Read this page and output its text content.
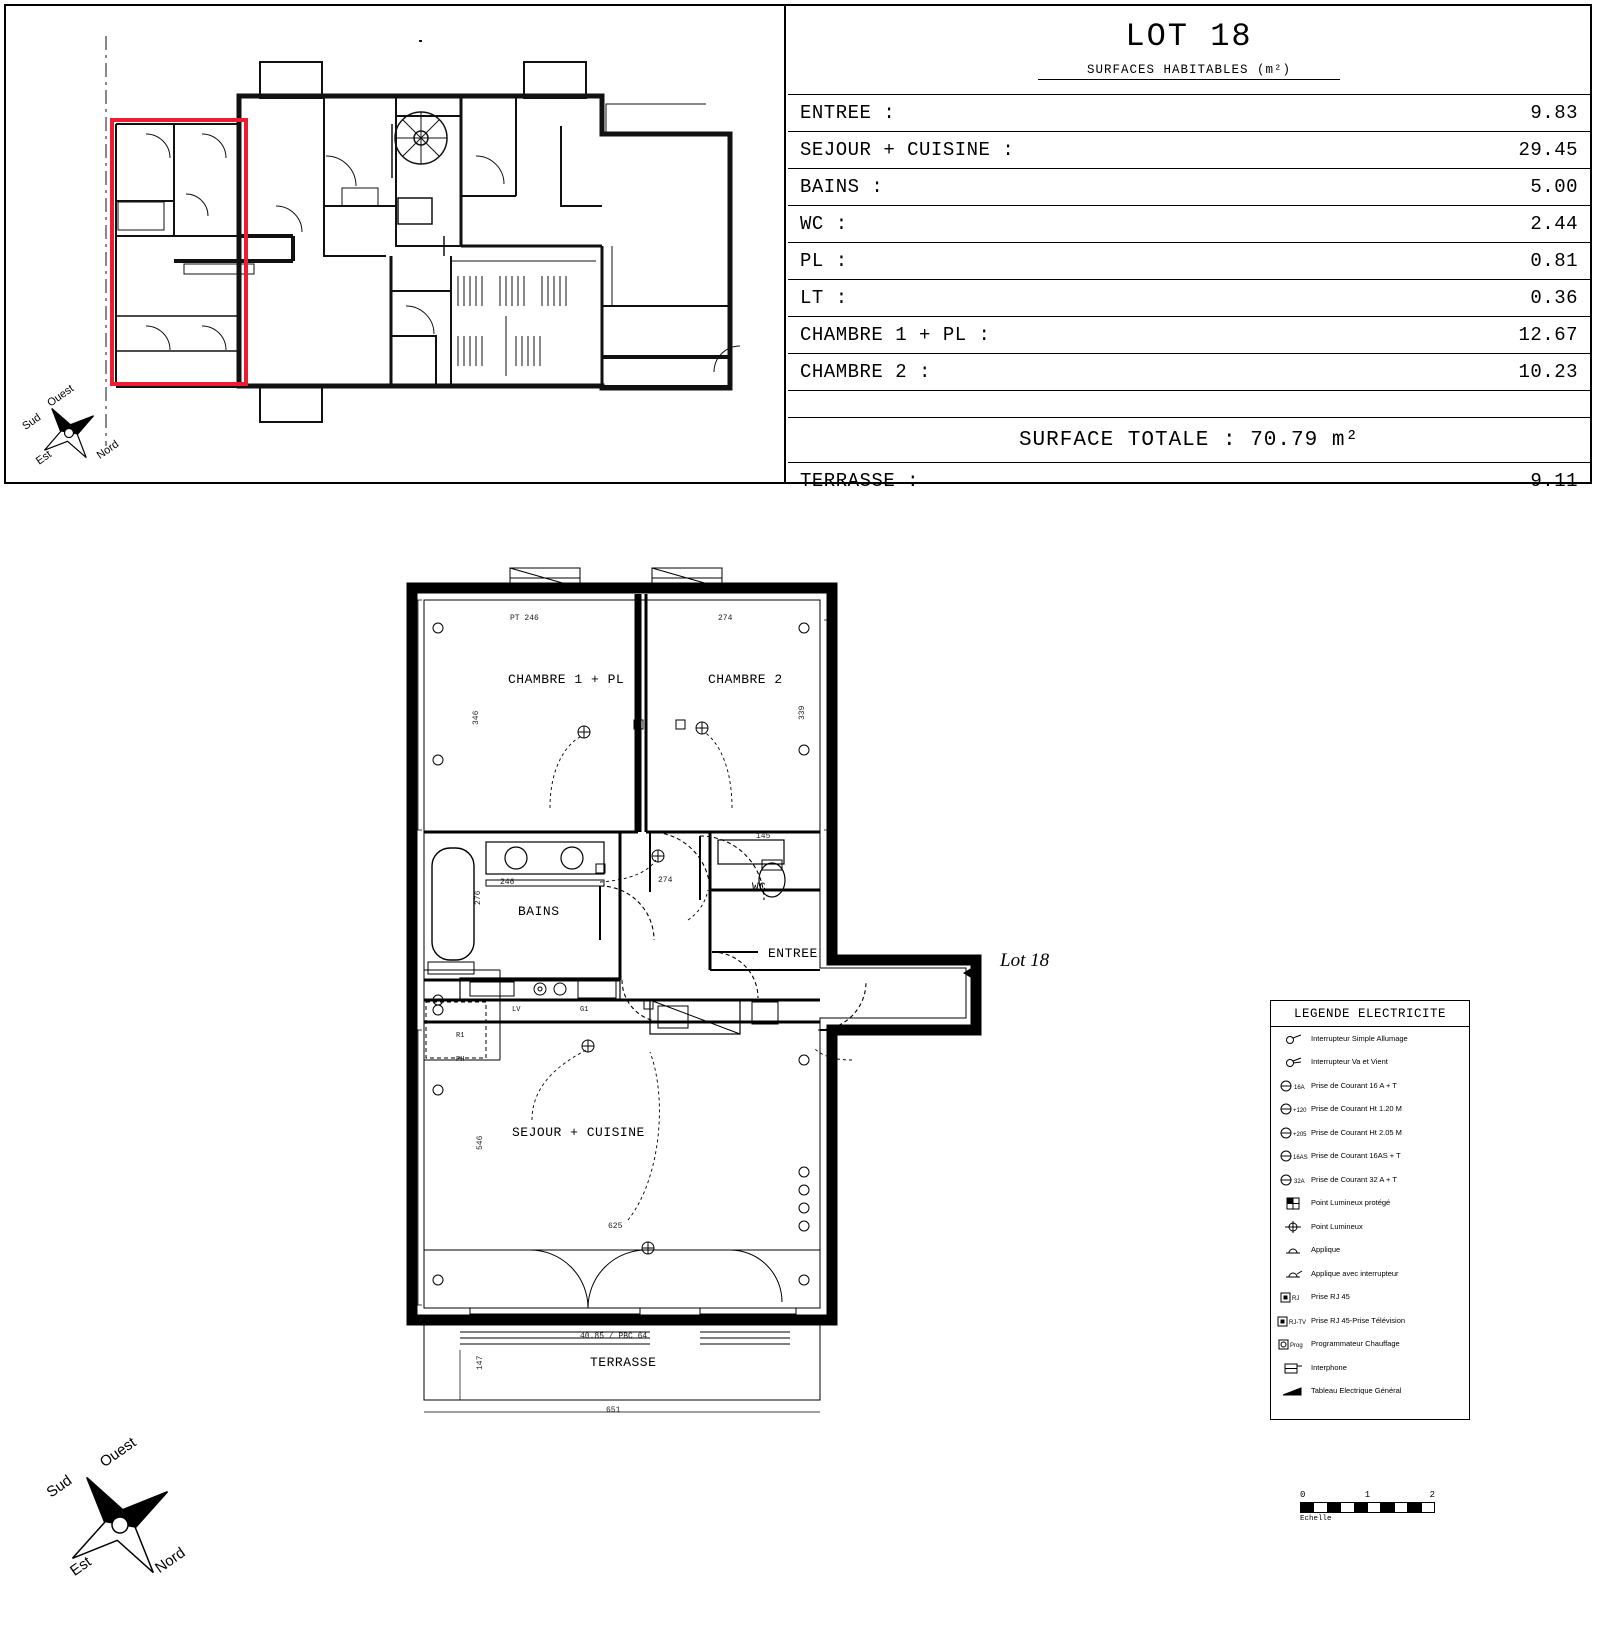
Ouest
Sud
Est	Nord
LOT 18
SURFACES HABITABLES (m²)
ENTREE :	9.83
SEJOUR + CUISINE :	29.45
BAINS :	5.00
WC :	2.44
PL :	0.81
LT :	0.36
CHAMBRE 1 + PL :	12.67
CHAMBRE 2 :	10.23
SURFACE TOTALE :
70.79
m²
TERRASSE :	9.11
CHAMBRE 1 + PL	CHAMBRE 2
BAINS
WC
ENTREE
SEJOUR + CUISINE
TERRASSE
346	339
276
546
147
246	274
274
PT 246
145
625
651
40.85 / PBC 64
LV	G1
R1
PH
Lot 18
LEGENDE ELECTRICITE
Interrupteur Simple Allumage
Interrupteur Va et Vient
16A Prise de Courant 16 A + T
+120 Prise de Courant Ht 1.20 M
+205 Prise de Courant Ht 2.05 M
16AS Prise de Courant 16AS + T
32A Prise de Courant 32 A + T
Point Lumineux protégé
Point Lumineux
Applique
Applique avec interrupteur
RJ Prise RJ 45
RJ-TV Prise RJ 45-Prise Télévision
Prog Programmateur Chauffage
Interphone
Tableau Electrique Général
0	1	2
Echelle
Ouest
Sud
Est	Nord
